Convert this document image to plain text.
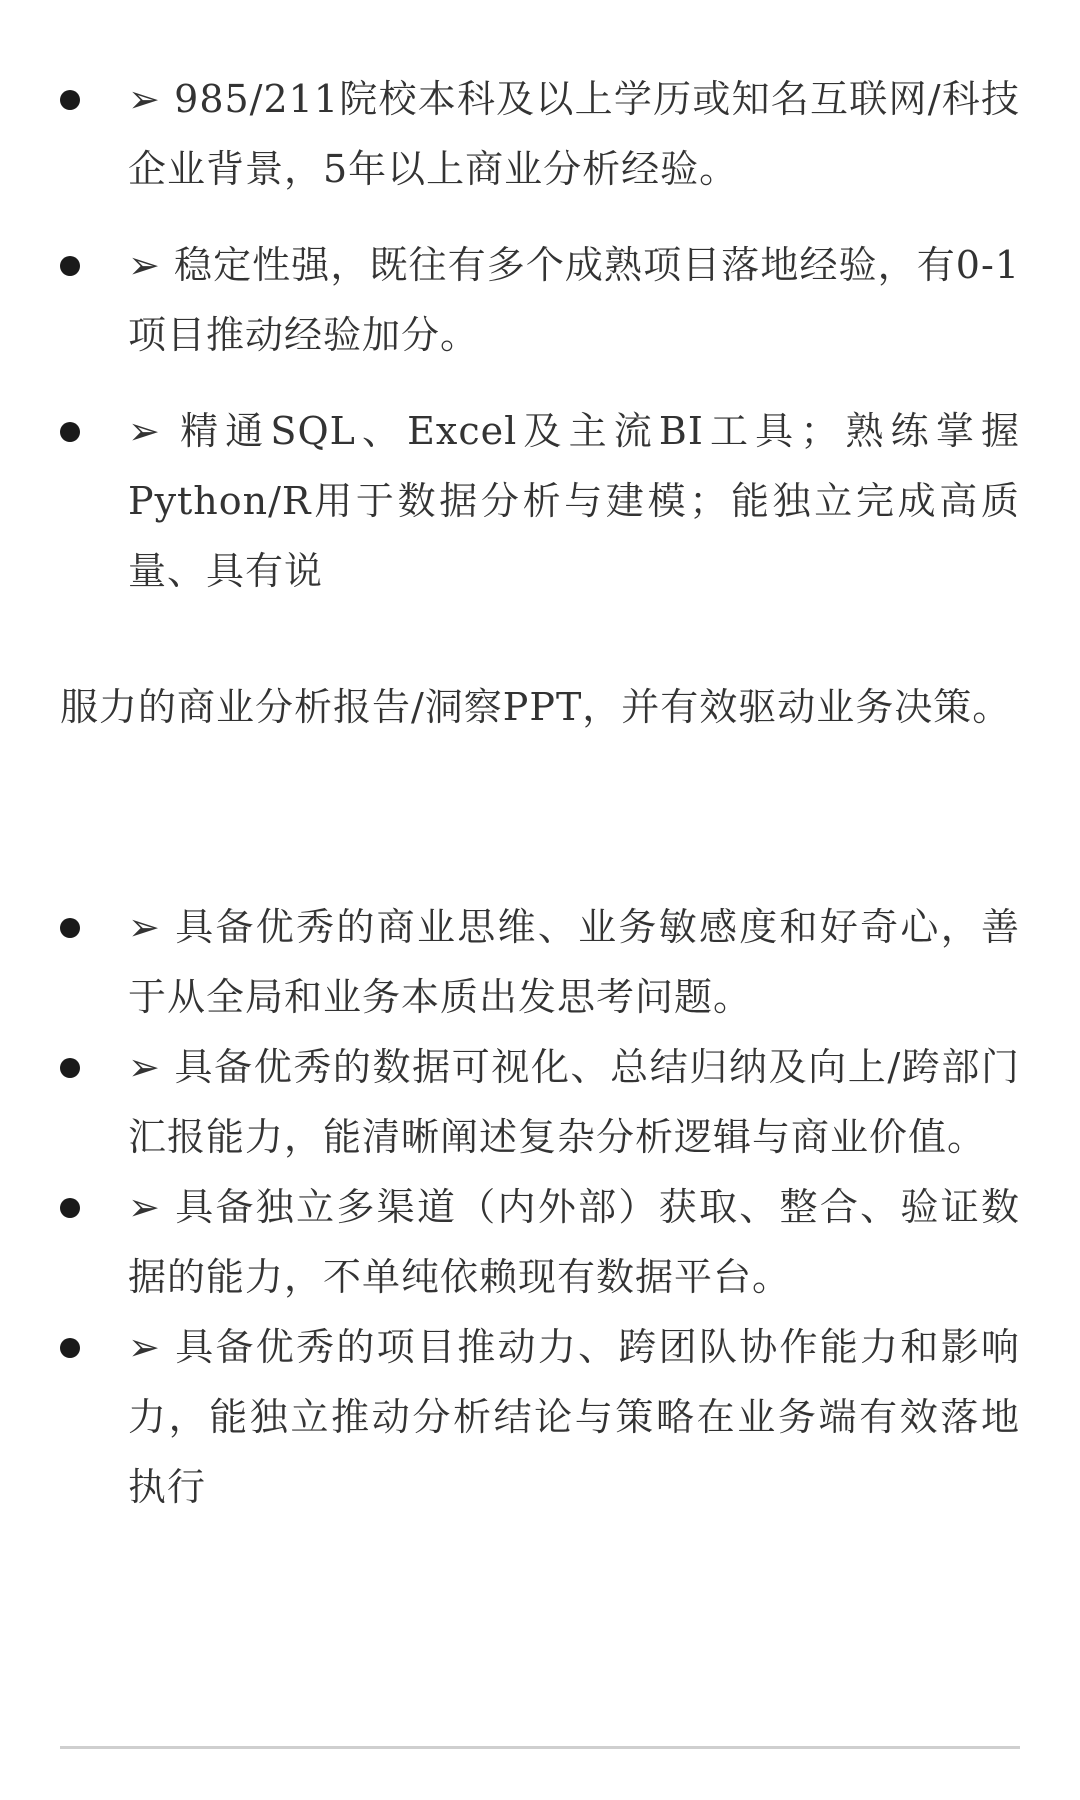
➢ 985/211院校本科及以上学历或知名互联网/科技企业背景，5年以上商业分析经验。
➢ 稳定性强，既往有多个成熟项目落地经验，有0-1项目推动经验加分。
➢ 精通SQL、Excel及主流BI工具；熟练掌握Python/R用于数据分析与建模；能独立完成高质量、具有说

服力的商业分析报告/洞察PPT，并有效驱动业务决策。

➢ 具备优秀的商业思维、业务敏感度和好奇心，善于从全局和业务本质出发思考问题。
➢ 具备优秀的数据可视化、总结归纳及向上/跨部门汇报能力，能清晰阐述复杂分析逻辑与商业价值。
➢ 具备独立多渠道（内外部）获取、整合、验证数据的能力，不单纯依赖现有数据平台。
➢ 具备优秀的项目推动力、跨团队协作能力和影响力，能独立推动分析结论与策略在业务端有效落地执行
